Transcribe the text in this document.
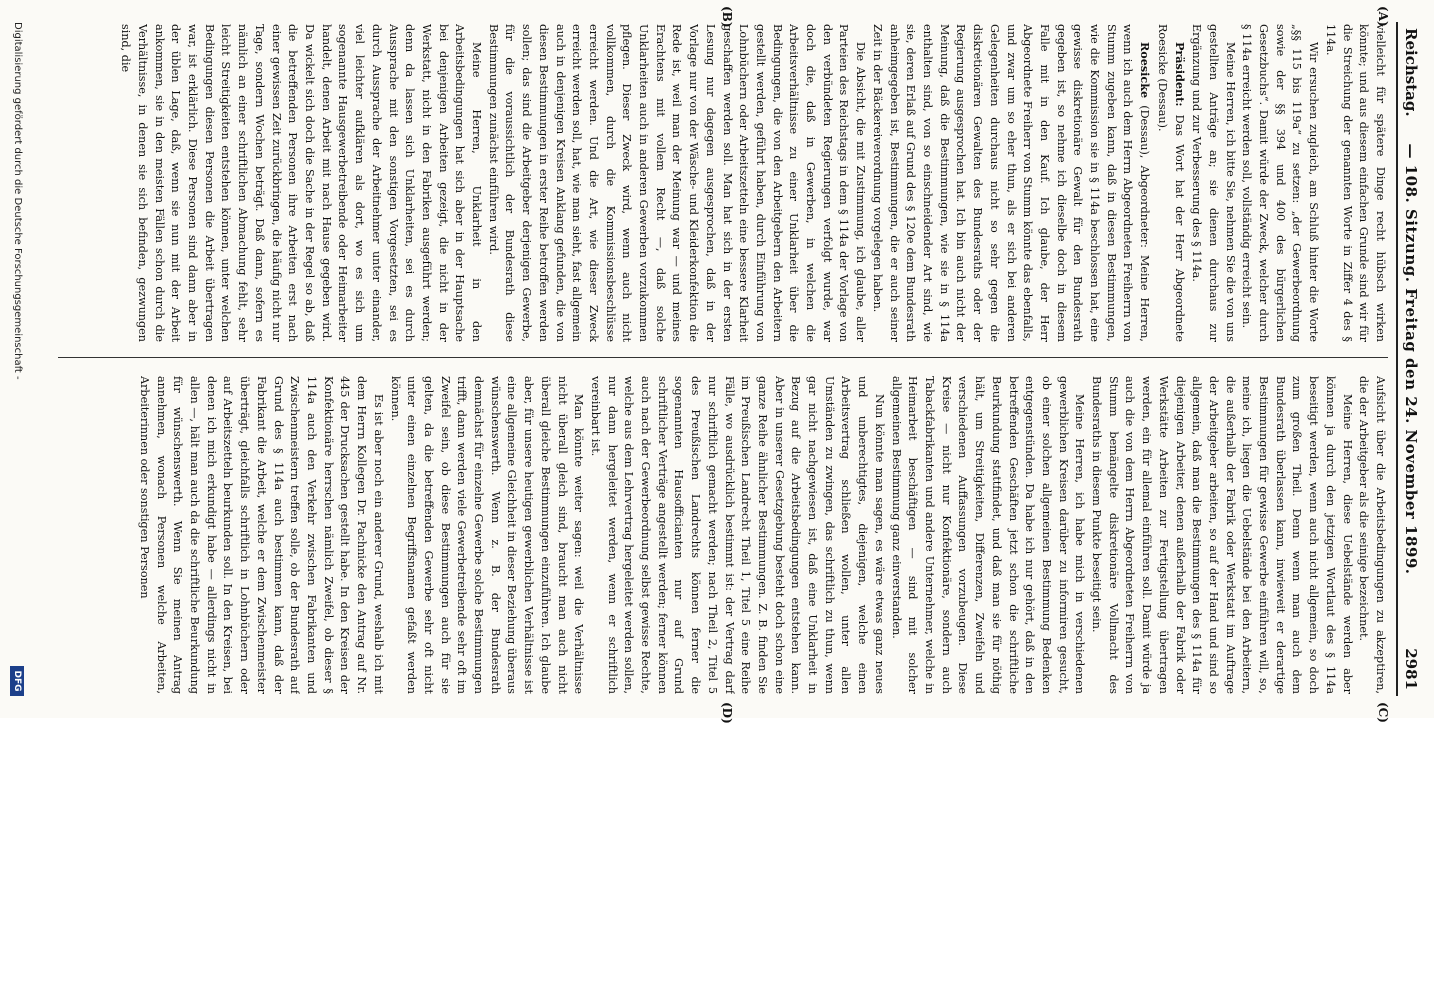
Reichstag.
— 108. Sitzung. Freitag den 24. November 1899.
2981
(A)
(B)
(C)
(D)

vielleicht für spätere Dinge recht hübsch wirken könnte; und aus diesem einfachen Grunde sind wir für die Streichung der genannten Worte in Ziffer 4 des § 114a.

Wir ersuchen zugleich, am Schluß hinter die Worte „§§ 115 bis 119a“ zu setzen: „der Gewerbeordnung sowie der §§ 394 und 400 des bürgerlichen Gesetzbuchs“. Damit würde der Zweck, welcher durch § 114a erreicht werden soll, vollständig erreicht sein.

Meine Herren, ich bitte Sie, nehmen Sie die von uns gestellten Anträge an; sie dienen durchaus zur Ergänzung und zur Verbesserung des § 114a.

Präsident: Das Wort hat der Herr Abgeordnete Roesicke (Dessau).

Roesicke (Dessau), Abgeordneter: Meine Herren, wenn ich auch dem Herrn Abgeordneten Freiherrn von Stumm zugeben kann, daß in diesen Bestimmungen, wie die Kommission sie in § 114a beschlossen hat, eine gewisse diskretionäre Gewalt für den Bundesrath gegeben ist, so nehme ich dieselbe doch in diesem Falle mit in den Kauf. Ich glaube, der Herr Abgeordnete Freiherr von Stumm könnte das ebenfalls, und zwar um so eher thun, als er sich bei anderen Gelegenheiten durchaus nicht so sehr gegen die diskretionären Gewalten des Bundesraths oder der Regierung ausgesprochen hat. Ich bin auch nicht der Meinung, daß die Bestimmungen, wie sie in § 114a enthalten sind, von so einschneidender Art sind, wie sie, deren Erlaß auf Grund des § 120e dem Bundesrath anheimgegeben ist, Bestimmungen, die er auch seiner Zeit in der Bäckereiverordnung vorgelegen haben.

Die Absicht, die mit Zustimmung, ich glaube, aller Parteien des Reichstags in dem § 114a der Vorlage von den verbündeten Regierungen verfolgt wurde, war doch die, daß in Gewerben, in welchen die Arbeitsverhältnisse zu einer Unklarheit über die Bedingungen, die von den Arbeitgebern den Arbeitern gestellt werden, geführt haben, durch Einführung von Lohnbüchern oder Arbeitszetteln eine bessere Klarheit geschaffen werden soll. Man hat sich in der ersten Lesung nur dagegen ausgesprochen, daß in der Vorlage nur von der Wäsche- und Kleiderkonfektion die Rede ist, weil man der Meinung war — und meines Erachtens mit vollem Recht —, daß solche Unklarheiten auch in anderen Gewerben vorzukommen pflegen. Dieser Zweck wird, wenn auch nicht vollkommen, durch die Kommissionsbeschlüsse erreicht werden. Und die Art, wie dieser Zweck erreicht werden soll, hat, wie man sieht, fast allgemein auch in denjenigen Kreisen Anklang gefunden, die von diesen Bestimmungen in erster Reihe betroffen werden sollen; das sind die Arbeitgeber derjenigen Gewerbe, für die voraussichtlich der Bundesrath diese Bestimmungen zunächst einführen wird.

Meine Herren, Unklarheit in den Arbeitsbedingungen hat sich aber in der Hauptsache bei denjenigen Arbeiten gezeigt, die nicht in der Werkstatt, nicht in den Fabriken ausgeführt werden; denn da lassen sich Unklarheiten, sei es durch Aussprache mit den sonstigen Vorgesetzten, sei es durch Aussprache der Arbeitnehmer unter einander, viel leichter aufklären als dort, wo es sich um sogenannte Hausgewerbetreibende oder Heimarbeiter handelt, denen Arbeit mit nach Hause gegeben wird. Da wickelt sich doch die Sache in der Regel so ab, daß die betreffenden Personen ihre Arbeiten erst nach einer gewissen Zeit zurückbringen, die häufig nicht nur Tage, sondern Wochen beträgt. Daß dann, sofern es nämlich an einer schriftlichen Abmachung fehlt, sehr leicht Streitigkeiten entstehen können, unter welchen Bedingungen diesen Personen die Arbeit übertragen war, ist erklärlich. Diese Personen sind dann aber in der üblen Lage, daß, wenn sie nun mit der Arbeit ankommen, sie in den meisten Fällen schon durch die Verhältnisse, in denen sie sich befinden, gezwungen sind, die

Aufsicht über die Arbeitsbedingungen zu akzeptiren, die der Arbeitgeber als die seinige bezeichnet.

Meine Herren, diese Uebelstände werden aber können ja durch den jetzigen Wortlaut des § 114a beseitigt werden, wenn auch nicht allgemein, so doch zum großen Theil. Denn wenn man auch dem Bundesrath überlassen kann, inwieweit er derartige Bestimmungen für gewisse Gewerbe einführen will, so, meine ich, liegen die Uebelstände bei den Arbeitern, die außerhalb der Fabrik oder Werkstatt im Auftrage der Arbeitgeber arbeiten, so auf der Hand und sind so allgemein, daß man die Bestimmungen des § 114a für diejenigen Arbeiter, denen außerhalb der Fabrik oder Werkstätte Arbeiten zur Fertigstellung übertragen werden, ein für allemal einführen soll. Damit würde ja auch die von dem Herrn Abgeordneten Freiherrn von Stumm bemängelte diskretionäre Vollmacht des Bundesraths in diesem Punkte beseitigt sein.

Meine Herren, ich habe mich in verschiedenen gewerblichen Kreisen darüber zu informiren gesucht, ob einer solchen allgemeinen Bestimmung Bedenken entgegenstünden. Da habe ich nur gehört, daß in den betreffenden Geschäften jetzt schon die schriftliche Beurkundung stattfindet, und daß man sie für nöthig hält, um Streitigkeiten, Differenzen, Zweifeln und verschiedenen Auffassungen vorzubeugen. Diese Kreise — nicht nur Konfektionäre, sondern auch Tabackfabrikanten und andere Unternehmer, welche in Heimarbeit beschäftigen — sind mit solcher allgemeinen Bestimmung ganz einverstanden.

Nun könnte man sagen, es wäre etwas ganz neues und unberechtigtes, diejenigen, welche einen Arbeitsvertrag schließen wollen, unter allen Umständen zu zwingen, das schriftlich zu thun, wenn gar nicht nachgewiesen ist, daß eine Unklarheit in Bezug auf die Arbeitsbedingungen entstehen kann. Aber in unserer Gesetzgebung besteht doch schon eine ganze Reihe ähnlicher Bestimmungen. Z. B. finden Sie im Preußischen Landrecht Theil 1, Titel 5 eine Reihe Fälle, wo ausdrücklich bestimmt ist: der Vertrag darf nur schriftlich gemacht werden; nach Theil 2, Titel 5 des Preußischen Landrechts können ferner die sogenannten Hausofficianten nur auf Grund schriftlicher Verträge angestellt werden; ferner können auch nach der Gewerbeordnung selbst gewisse Rechte, welche aus dem Lehrvertrag hergeleitet werden sollen, nur dann hergeleitet werden, wenn er schriftlich vereinbart ist.

Man könnte weiter sagen: weil die Verhältnisse nicht überall gleich sind, braucht man auch nicht überall gleiche Bestimmungen einzuführen. Ich glaube aber, für unsere heutigen gewerblichen Verhältnisse ist eine allgemeine Gleichheit in dieser Beziehung überaus wünschenswerth. Wenn z. B. der Bundesrath demnächst für einzelne Gewerbe solche Bestimmungen trifft, dann werden viele Gewerbetreibende sehr oft im Zweifel sein, ob diese Bestimmungen auch für sie gelten, da die betreffenden Gewerbe sehr oft nicht unter einen einzelnen Begriffsnamen gefaßt werden können.

Es ist aber noch ein anderer Grund, weshalb ich mit dem Herrn Kollegen Dr. Pachnicke den Antrag auf Nr. 445 der Drucksachen gestellt habe. In den Kreisen der Konfektionäre herrschen nämlich Zweifel, ob dieser § 114a auch den Verkehr zwischen Fabrikanten und Zwischenmeistern treffen solle, ob der Bundesrath auf Grund des § 114a auch bestimmen kann, daß der Fabrikant die Arbeit, welche er dem Zwischenmeister überträgt, gleichfalls schriftlich in Lohnbüchern oder auf Arbeitszetteln beurkunden soll. In den Kreisen, bei denen ich mich erkundigt habe — allerdings nicht in allen —, hält man auch da die schriftliche Beurkundung für wünschenswerth. Wenn Sie meinen Antrag annehmen, wonach Personen welche Arbeiten, Arbeiterinnen oder sonstigen Personen

Digitalisierung gefördert durch die Deutsche Forschungsgemeinschaft -
DFG
